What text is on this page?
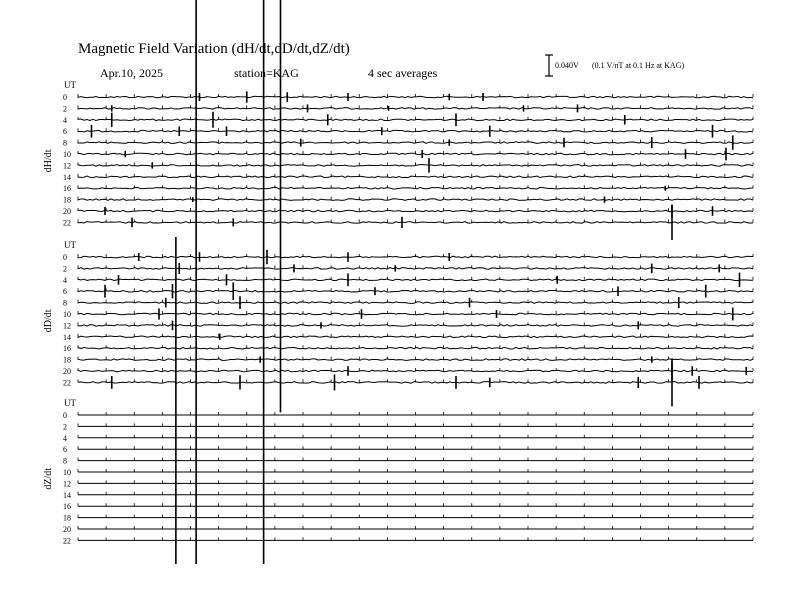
Magnetic Field Variation (dH/dt,dD/dt,dZ/dt)
Apr.10, 2025	station=KAG	4 sec averages
0.040V (0.1 V/nT at 0.1 Hz at KAG)
UT
dH/dt
0
2
4
6
8
10
12
14
16
18
20
22
UT
dD/dt
0
2
4
6
8
10
12
14
16
18
20
22
UT
dZ/dt
0
2
4
6
8
10
12
14
16
18
20
22
